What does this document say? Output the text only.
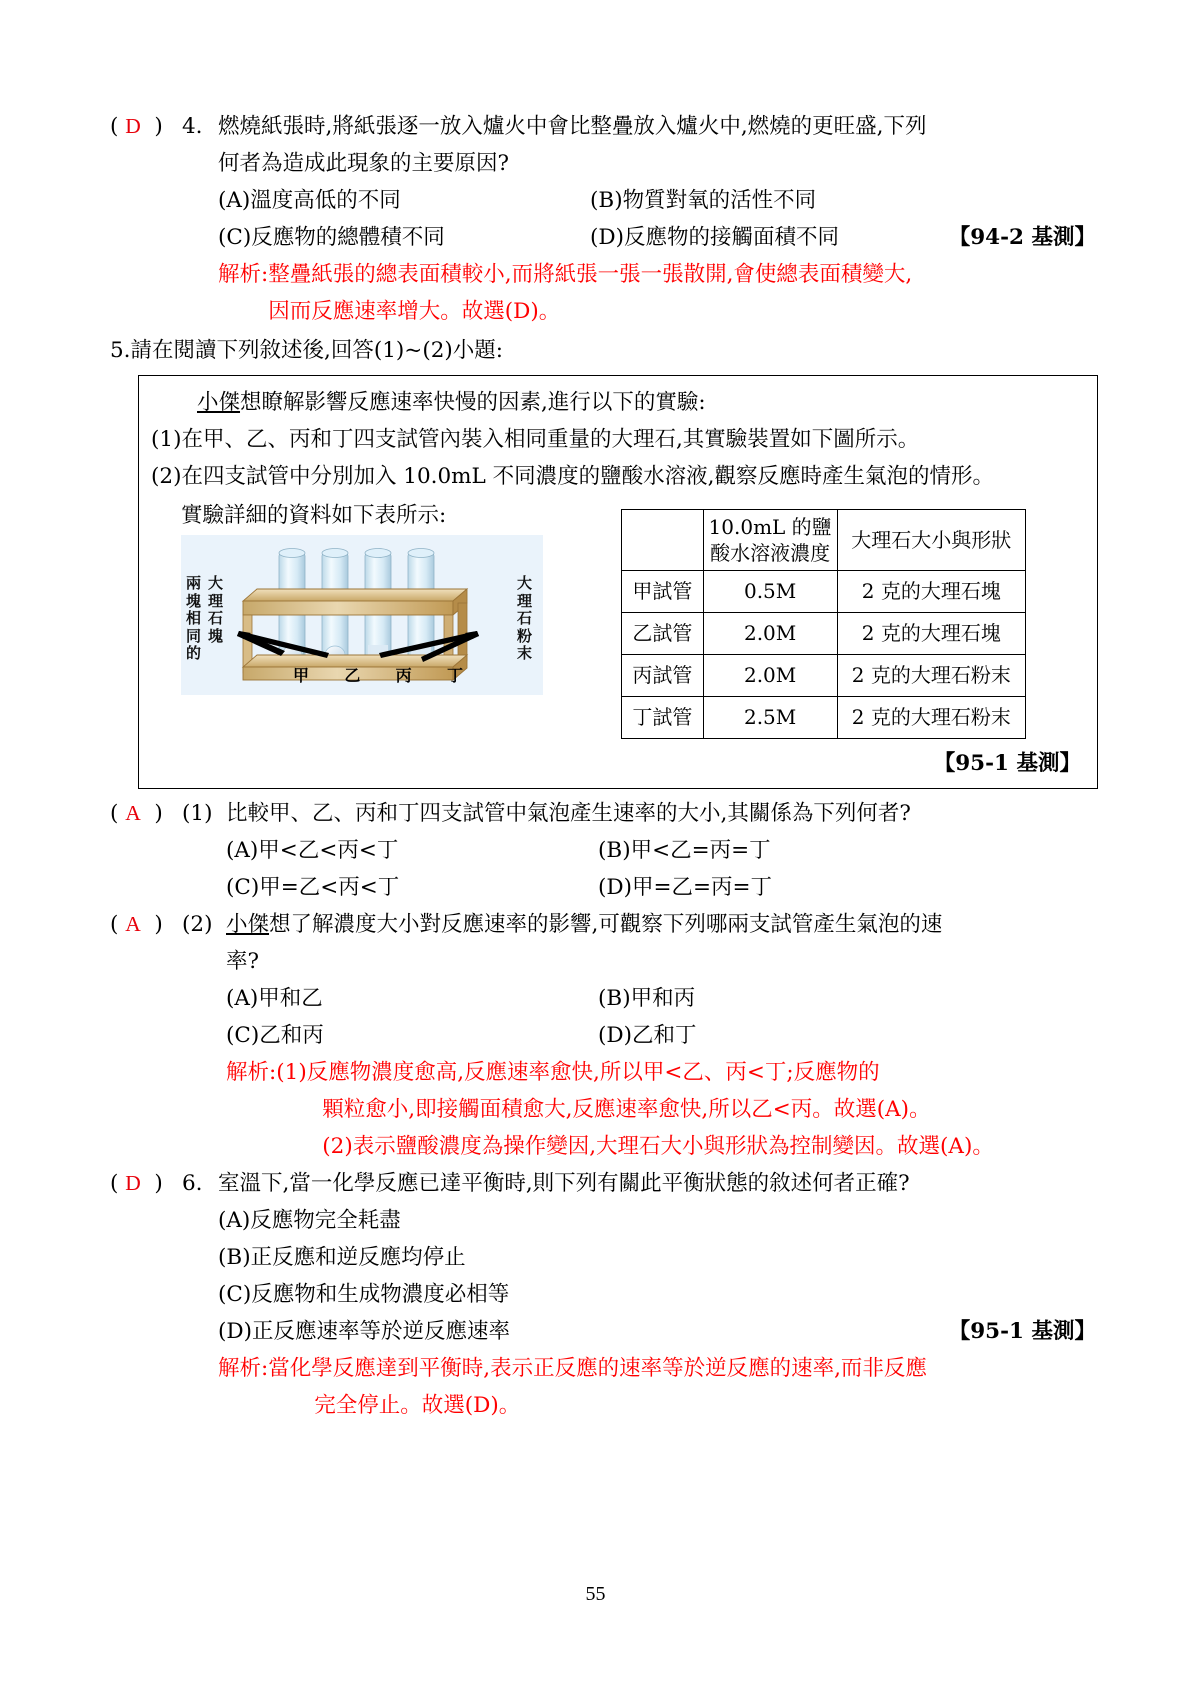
( D  ) 4. 燃燒紙張時,將紙張逐一放入爐火中會比整疊放入爐火中,燃燒的更旺盛,下列
何者為造成此現象的主要原因?
(A)溫度高低的不同	(B)物質對氧的活性不同
(C)反應物的總體積不同	【94-2 基測】
(D)反應物的接觸面積不同
解析: 整疊紙張的總表面積較小,而將紙張一張一張散開,會使總表面積變大,
因而反應速率增大。故選(D)。
5.請在閱讀下列敘述後,回答(1)~(2)小題:
小傑想瞭解影響反應速率快慢的因素,進行以下的實驗:
(1)在甲、乙、丙和丁四支試管內裝入相同重量的大理石,其實驗裝置如下圖所示。
(2)在四支試管中分別加入 10.0mL 不同濃度的鹽酸水溶液,觀察反應時產生氣泡的情形。
實驗詳細的資料如下表所示:
兩
塊
相
同
的
大
理
石
塊
大
理
石
粉
末
甲 乙 丙 丁
	10.0mL 的鹽
酸水溶液濃度	大理石大小與形狀
甲試管	0.5M	2 克的大理石塊
乙試管	2.0M	2 克的大理石塊
丙試管	2.0M	2 克的大理石粉末
丁試管	2.5M	2 克的大理石粉末
【95-1 基測】
( A  ) (1) 比較甲、乙、丙和丁四支試管中氣泡產生速率的大小,其關係為下列何者?
(A)甲<乙<丙<丁	(B)甲<乙=丙=丁
(C)甲=乙<丙<丁	(D)甲=乙=丙=丁
( A  ) (2) 小傑想了解濃度大小對反應速率的影響,可觀察下列哪兩支試管產生氣泡的速
率?
(A)甲和乙	(B)甲和丙
(C)乙和丙	(D)乙和丁
解析: (1)反應物濃度愈高,反應速率愈快,所以甲<乙、丙<丁;反應物的
顆粒愈小,即接觸面積愈大,反應速率愈快,所以乙<丙。故選(A)。
(2)表示鹽酸濃度為操作變因,大理石大小與形狀為控制變因。故選(A)。
( D  ) 6. 室溫下,當一化學反應已達平衡時,則下列有關此平衡狀態的敘述何者正確?
(A)反應物完全耗盡
(B)正反應和逆反應均停止
(C)反應物和生成物濃度必相等
(D)正反應速率等於逆反應速率	【95-1 基測】
解析: 當化學反應達到平衡時,表示正反應的速率等於逆反應的速率,而非反應
完全停止。故選(D)。
55
